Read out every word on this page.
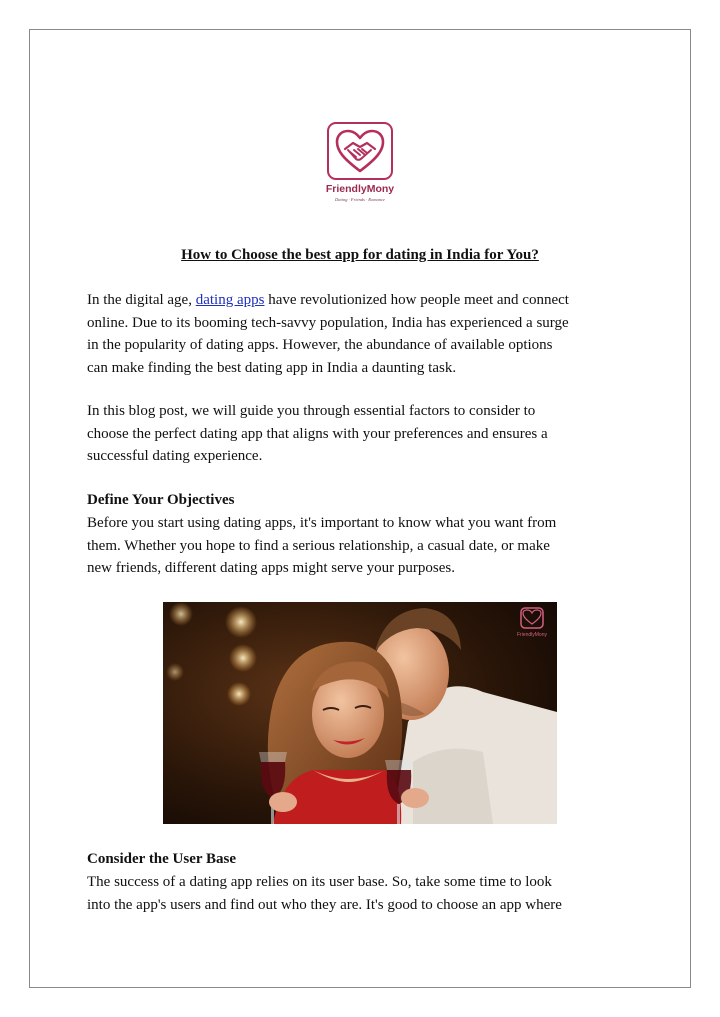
FriendlyMony
Dating · Friends · Romance
How to Choose the best app for dating in India for You?
In the digital age, dating apps have revolutionized how people meet and connect
online. Due to its booming tech-savvy population, India has experienced a surge
in the popularity of dating apps. However, the abundance of available options
can make finding the best dating app in India a daunting task.
In this blog post, we will guide you through essential factors to consider to
choose the perfect dating app that aligns with your preferences and ensures a
successful dating experience.
Define Your Objectives
Before you start using dating apps, it's important to know what you want from
them. Whether you hope to find a serious relationship, a casual date, or make
new friends, different dating apps might serve your purposes.
FriendlyMony
Consider the User Base
The success of a dating app relies on its user base. So, take some time to look
into the app's users and find out who they are. It's good to choose an app where
